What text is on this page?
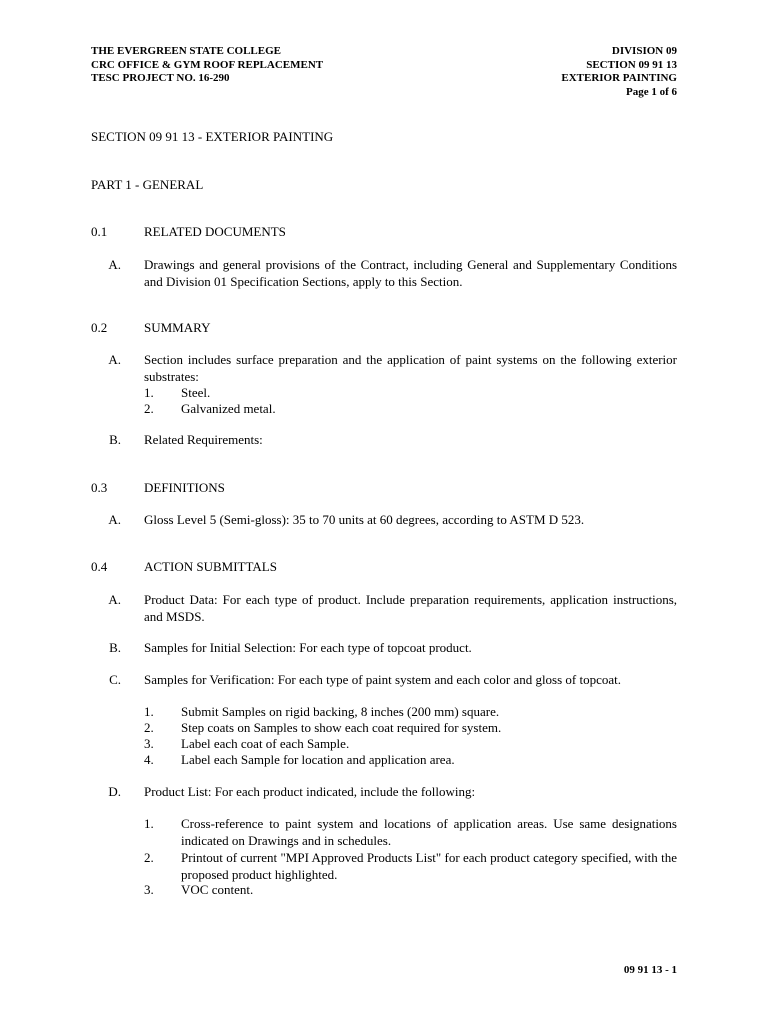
THE EVERGREEN STATE COLLEGE
CRC OFFICE & GYM ROOF REPLACEMENT
TESC PROJECT NO. 16-290
DIVISION 09
SECTION 09 91 13
EXTERIOR PAINTING
Page 1 of 6
SECTION 09 91 13 - EXTERIOR PAINTING
PART 1 - GENERAL
0.1	RELATED DOCUMENTS
A. Drawings and general provisions of the Contract, including General and Supplementary Conditions and Division 01 Specification Sections, apply to this Section.
0.2	SUMMARY
A. Section includes surface preparation and the application of paint systems on the following exterior substrates:
1. Steel.
2. Galvanized metal.
B. Related Requirements:
0.3	DEFINITIONS
A. Gloss Level 5 (Semi-gloss): 35 to 70 units at 60 degrees, according to ASTM D 523.
0.4	ACTION SUBMITTALS
A. Product Data: For each type of product. Include preparation requirements, application instructions, and MSDS.
B. Samples for Initial Selection: For each type of topcoat product.
C. Samples for Verification: For each type of paint system and each color and gloss of topcoat.
1. Submit Samples on rigid backing, 8 inches (200 mm) square.
2. Step coats on Samples to show each coat required for system.
3. Label each coat of each Sample.
4. Label each Sample for location and application area.
D. Product List: For each product indicated, include the following:
1. Cross-reference to paint system and locations of application areas. Use same designations indicated on Drawings and in schedules.
2. Printout of current "MPI Approved Products List" for each product category specified, with the proposed product highlighted.
3. VOC content.
09 91 13 - 1
